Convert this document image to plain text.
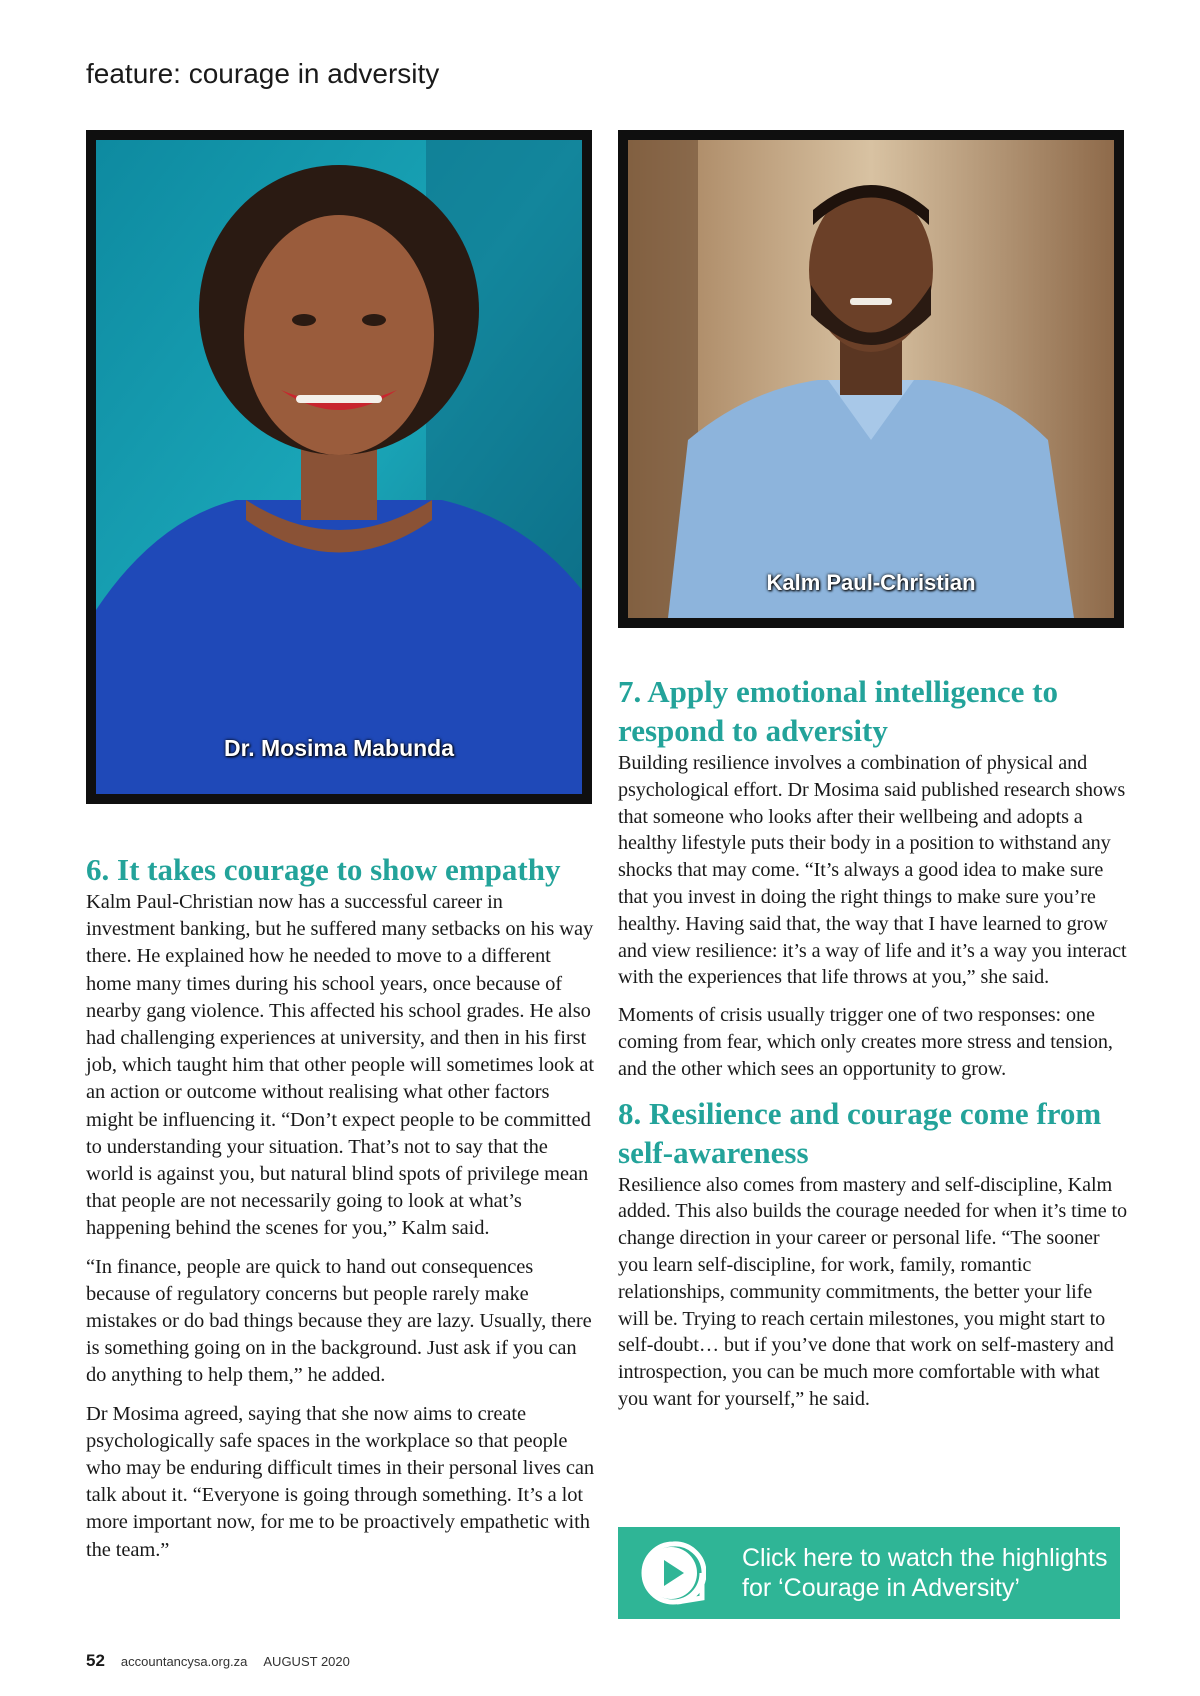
feature: courage in adversity
Dr. Mosima Mabunda
Kalm Paul-Christian
6. It takes courage to show empathy

Kalm Paul-Christian now has a successful career in investment banking, but he suffered many setbacks on his way there. He explained how he needed to move to a different home many times during his school years, once because of nearby gang violence. This affected his school grades. He also had challenging experiences at university, and then in his first job, which taught him that other people will sometimes look at an action or outcome without realising what other factors might be influencing it. “Don’t expect people to be committed to understanding your situation. That’s not to say that the world is against you, but natural blind spots of privilege mean that people are not necessarily going to look at what’s happening behind the scenes for you,” Kalm said.

“In finance, people are quick to hand out consequences because of regulatory concerns but people rarely make mistakes or do bad things because they are lazy. Usually, there is something going on in the background. Just ask if you can do anything to help them,” he added.

Dr Mosima agreed, saying that she now aims to create psychologically safe spaces in the workplace so that people who may be enduring difficult times in their personal lives can talk about it. “Everyone is going through something. It’s a lot more important now, for me to be proactively empathetic with the team.”

7. Apply emotional intelligence to respond to adversity

Building resilience involves a combination of physical and psychological effort. Dr Mosima said published research shows that someone who looks after their wellbeing and adopts a healthy lifestyle puts their body in a position to withstand any shocks that may come. “It’s always a good idea to make sure that you invest in doing the right things to make sure you’re healthy. Having said that, the way that I have learned to grow and view resilience: it’s a way of life and it’s a way you interact with the experiences that life throws at you,” she said.

Moments of crisis usually trigger one of two responses: one coming from fear, which only creates more stress and tension, and the other which sees an opportunity to grow.

8. Resilience and courage come from self-awareness

Resilience also comes from mastery and self-discipline, Kalm added. This also builds the courage needed for when it’s time to change direction in your career or personal life. “The sooner you learn self-discipline, for work, family, romantic relationships, community commitments, the better your life will be. Trying to reach certain milestones, you might start to self-doubt… but if you’ve done that work on self-mastery and introspection, you can be much more comfortable with what you want for yourself,” he said.

Click here to watch the highlights
for ‘Courage in Adversity’
52 accountancysa.org.za AUGUST 2020
